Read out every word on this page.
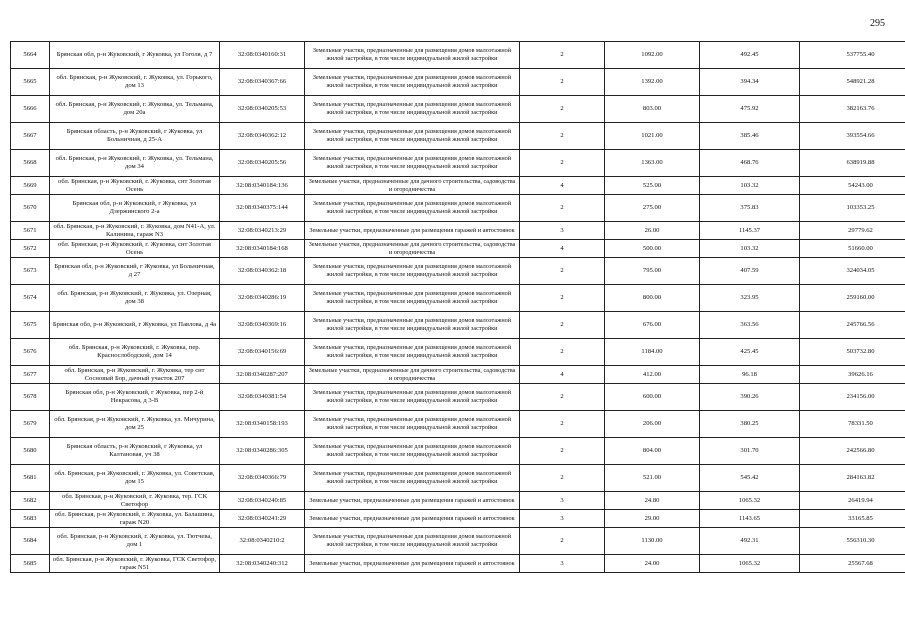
295
5664	Брянская обл, р-н Жуковский, г Жуковка, ул Гоголя, д 7	32:08:0340160:31	Земельные участки, предназначенные для размещения домов малоэтажной жилой застройки, в том числе индивидуальной жилой застройки	2	1092.00	492.45	537755.40
5665	обл. Брянская, р-н Жуковский, г. Жуковка, ул. Горького, дом 13	32:08:0340367:66	Земельные участки, предназначенные для размещения домов малоэтажной жилой застройки, в том числе индивидуальной жилой застройки	2	1392.00	394.34	548921.28
5666	обл. Брянская, р-н Жуковский, г. Жуковка, ул. Тельмана, дом 20а	32:08:0340205:53	Земельные участки, предназначенные для размещения домов малоэтажной жилой застройки, в том числе индивидуальной жилой застройки	2	803.00	475.92	382163.76
5667	Брянская область, р-н Жуковский, г Жуковка, ул Больничная, д 25-А	32:08:0340362:12	Земельные участки, предназначенные для размещения домов малоэтажной жилой застройки, в том числе индивидуальной жилой застройки	2	1021.00	385.46	393554.66
5668	обл. Брянская, р-н Жуковский, г. Жуковка, ул. Тельмана, дом 34	32:08:0340205:56	Земельные участки, предназначенные для размещения домов малоэтажной жилой застройки, в том числе индивидуальной жилой застройки	2	1363.00	468.76	638919.88
5669	обл. Брянская, р-н Жуковский, г. Жуковка, снт Золотая Осень	32:08:0340184:136	Земельные участки, предназначенные для дачного строительства, садоводства и огородничества	4	525.00	103.32	54243.00
5670	Брянская обл, р-н Жуковский, г Жуковка, ул Дзержинского 2-а	32:08:0340375:144	Земельные участки, предназначенные для размещения домов малоэтажной жилой застройки, в том числе индивидуальной жилой застройки	2	275.00	375.83	103353.25
5671	обл. Брянская, р-н Жуковский, г. Жуковка, дом N41-А, ул. Калинина, гараж N3	32:08:0340213:29	Земельные участки, предназначенные для размещения гаражей и автостоянок	3	26.00	1145.37	29779.62
5672	обл. Брянская, р-н Жуковский, г. Жуковка, снт Золотая Осень	32:08:0340184:168	Земельные участки, предназначенные для дачного строительства, садоводства и огородничества	4	500.00	103.32	51660.00
5673	Брянская обл, р-н Жуковский, г Жуковка, ул Больничная, д 27	32:08:0340362:18	Земельные участки, предназначенные для размещения домов малоэтажной жилой застройки, в том числе индивидуальной жилой застройки	2	795.00	407.59	324034.05
5674	обл. Брянская, р-н Жуковский, г. Жуковка, ул. Озерная, дом 38	32:08:0340286:19	Земельные участки, предназначенные для размещения домов малоэтажной жилой застройки, в том числе индивидуальной жилой застройки	2	800.00	323.95	259160.00
5675	Брянская обл, р-н Жуковский, г Жуковка, ул Павлова, д 4а	32:08:0340369:16	Земельные участки, предназначенные для размещения домов малоэтажной жилой застройки, в том числе индивидуальной жилой застройки	2	676.00	363.56	245766.56
5676	обл. Брянская, р-н Жуковский, г. Жуковка, пер. Краснослободской, дом 14	32:08:0340156:69	Земельные участки, предназначенные для размещения домов малоэтажной жилой застройки, в том числе индивидуальной жилой застройки	2	1184.00	425.45	503732.80
5677	обл. Брянская, р-н Жуковский, г. Жуковка, тер снт Сосновый Бор, дачный участок 207	32:08:0340287:207	Земельные участки, предназначенные для дачного строительства, садоводства и огородничества	4	412.00	96.18	39626.16
5678	Брянская обл, р-н Жуковский, г Жуковка, пер 2-й Некрасова, д 3-В	32:08:0340381:54	Земельные участки, предназначенные для размещения домов малоэтажной жилой застройки, в том числе индивидуальной жилой застройки	2	600.00	390.26	234156.00
5679	обл. Брянская, р-н Жуковский, г. Жуковка, ул. Мичурина, дом 25	32:08:0340158:193	Земельные участки, предназначенные для размещения домов малоэтажной жилой застройки, в том числе индивидуальной жилой застройки	2	206.00	380.25	78331.50
5680	Брянская область, р-н Жуковский, г Жуковка, ул Калтановая, уч 38	32:08:0340286:305	Земельные участки, предназначенные для размещения домов малоэтажной жилой застройки, в том числе индивидуальной жилой застройки	2	804.00	301.70	242566.80
5681	обл. Брянская, р-н Жуковский, г. Жуковка, ул. Советская, дом 15	32:08:0340366:79	Земельные участки, предназначенные для размещения домов малоэтажной жилой застройки, в том числе индивидуальной жилой застройки	2	521.00	545.42	284163.82
5682	обл. Брянская, р-н Жуковский, г. Жуковка, тер. ГСК Светофор	32:08:0340240:85	Земельные участки, предназначенные для размещения гаражей и автостоянок	3	24.80	1065.32	26419.94
5683	обл. Брянская, р-н Жуковский, г. Жуковка, ул. Балашина, гараж N20	32:08:0340241:29	Земельные участки, предназначенные для размещения гаражей и автостоянок	3	29.00	1143.65	33165.85
5684	обл. Брянская, р-н Жуковский, г. Жуковка, ул. Тютчева, дом 1	32:08:0340210:2	Земельные участки, предназначенные для размещения домов малоэтажной жилой застройки, в том числе индивидуальной жилой застройки	2	1130.00	492.31	556310.30
5685	обл. Брянская, р-н Жуковский, г. Жуковка, ГСК Светофор, гараж N51	32:08:0340240:312	Земельные участки, предназначенные для размещения гаражей и автостоянок	3	24.00	1065.32	25567.68
